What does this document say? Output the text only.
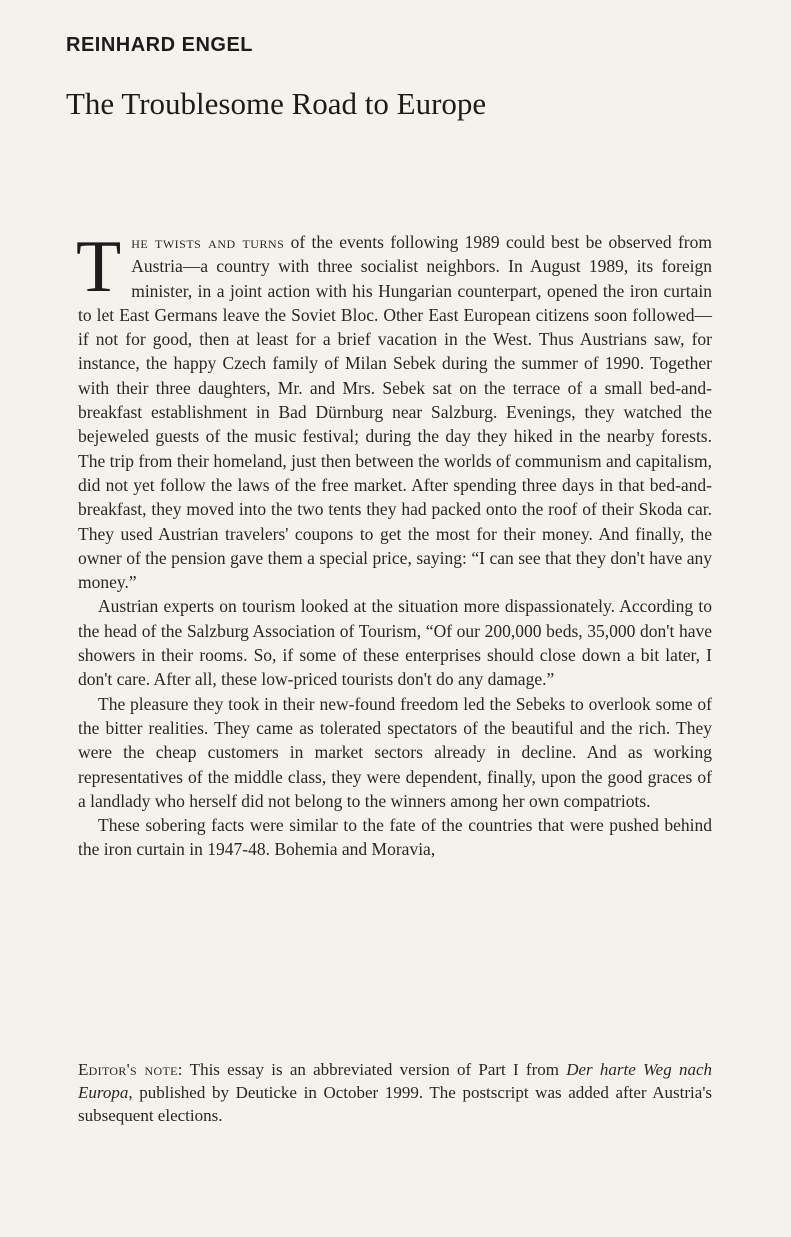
REINHARD ENGEL
The Troublesome Road to Europe

The twists and turns of the events following 1989 could best be observed from Austria—a country with three socialist neighbors. In August 1989, its foreign minister, in a joint action with his Hungarian counterpart, opened the iron curtain to let East Germans leave the Soviet Bloc. Other East European citizens soon followed—if not for good, then at least for a brief vacation in the West. Thus Austrians saw, for instance, the happy Czech family of Milan Sebek during the summer of 1990. Together with their three daughters, Mr. and Mrs. Sebek sat on the terrace of a small bed-and-breakfast establishment in Bad Dürnburg near Salzburg. Evenings, they watched the bejeweled guests of the music festival; during the day they hiked in the nearby forests. The trip from their homeland, just then between the worlds of communism and capitalism, did not yet follow the laws of the free market. After spending three days in that bed-and-breakfast, they moved into the two tents they had packed onto the roof of their Skoda car. They used Austrian travelers' coupons to get the most for their money. And finally, the owner of the pension gave them a special price, saying: “I can see that they don't have any money.”

Austrian experts on tourism looked at the situation more dispassionately. According to the head of the Salzburg Association of Tourism, “Of our 200,000 beds, 35,000 don't have showers in their rooms. So, if some of these enterprises should close down a bit later, I don't care. After all, these low-priced tourists don't do any damage.”

The pleasure they took in their new-found freedom led the Sebeks to overlook some of the bitter realities. They came as tolerated spectators of the beautiful and the rich. They were the cheap customers in market sectors already in decline. And as working representatives of the middle class, they were dependent, finally, upon the good graces of a landlady who herself did not belong to the winners among her own compatriots.

These sobering facts were similar to the fate of the countries that were pushed behind the iron curtain in 1947-48. Bohemia and Moravia,

Editor's note: This essay is an abbreviated version of Part I from Der harte Weg nach Europa, published by Deuticke in October 1999. The postscript was added after Austria's subsequent elections.
